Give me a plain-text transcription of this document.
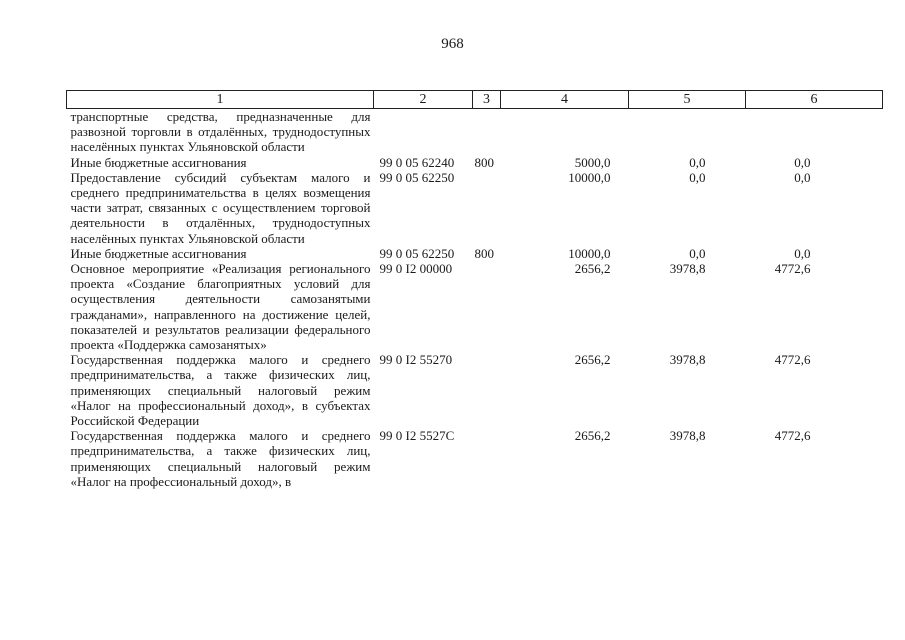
968
1	2	3	4	5	6
транспортные средства, предназначенные для развозной торговли в отдалённых, труднодоступных населённых пунктах Ульяновской области					
Иные бюджетные ассигнования	99 0 05 62240	800	5000,0	0,0	0,0
Предоставление субсидий субъектам малого и среднего предпринимательства в целях возмещения части затрат, связанных с осуществлением торговой деятельности в отдалённых, труднодоступных населённых пунктах Ульяновской области	99 0 05 62250		10000,0	0,0	0,0
Иные бюджетные ассигнования	99 0 05 62250	800	10000,0	0,0	0,0
Основное мероприятие «Реализация регионального проекта «Создание благоприятных условий для осуществления деятельности самозанятыми гражданами», направленного на достижение целей, показателей и результатов реализации федерального проекта «Поддержка самозанятых»	99 0 I2 00000		2656,2	3978,8	4772,6
Государственная поддержка малого и среднего предпринимательства, а также физических лиц, применяющих специальный налоговый режим «Налог на профессиональный доход», в субъектах Российской Федерации	99 0 I2 55270		2656,2	3978,8	4772,6
Государственная поддержка малого и среднего предпринимательства, а также физических лиц, применяющих специальный налоговый режим «Налог на профессиональный доход», в	99 0 I2 5527С		2656,2	3978,8	4772,6
